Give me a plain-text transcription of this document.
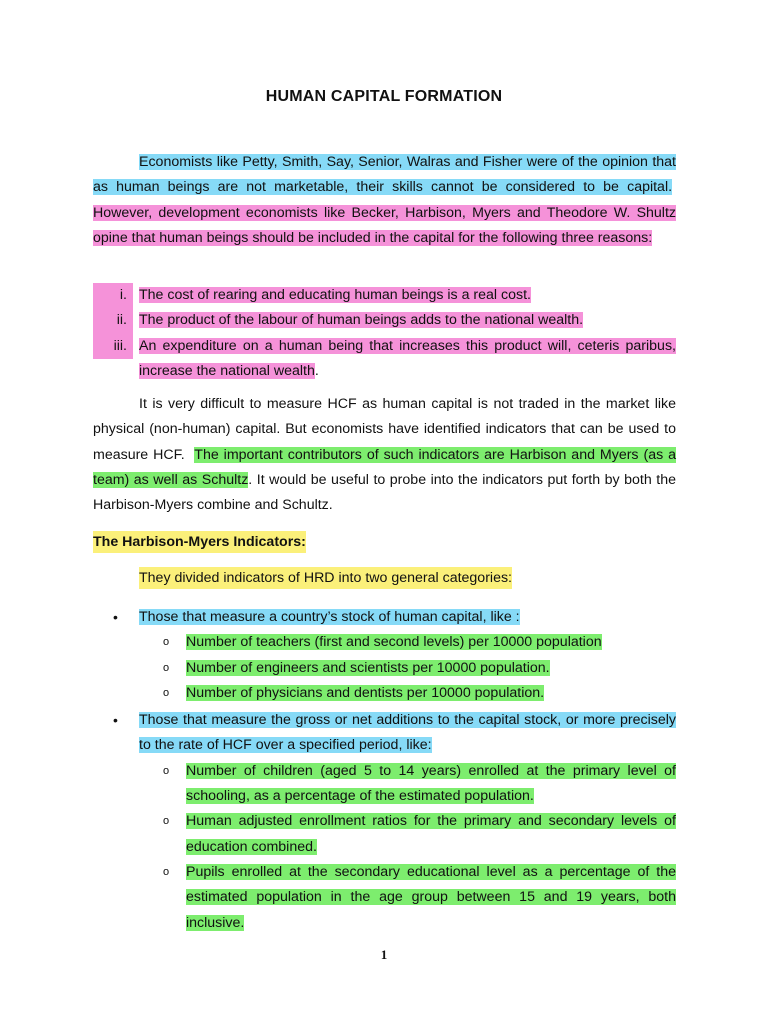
HUMAN CAPITAL FORMATION
Economists like Petty, Smith, Say, Senior, Walras and Fisher were of the opinion that as human beings are not marketable, their skills cannot be considered to be capital.  However, development economists like Becker, Harbison, Myers and Theodore W. Shultz opine that human beings should be included in the capital for the following three reasons:
i. The cost of rearing and educating human beings is a real cost.
ii. The product of the labour of human beings adds to the national wealth.
iii. An expenditure on a human being that increases this product will, ceteris paribus, increase the national wealth.
It is very difficult to measure HCF as human capital is not traded in the market like physical (non-human) capital. But economists have identified indicators that can be used to measure HCF. The important contributors of such indicators are Harbison and Myers (as a team) as well as Schultz. It would be useful to probe into the indicators put forth by both the Harbison-Myers combine and Schultz.
The Harbison-Myers Indicators:
They divided indicators of HRD into two general categories:
• Those that measure a country’s stock of human capital, like :
o Number of teachers (first and second levels) per 10000 population
o Number of engineers and scientists per 10000 population.
o Number of physicians and dentists per 10000 population.
• Those that measure the gross or net additions to the capital stock, or more precisely to the rate of HCF over a specified period, like:
o Number of children (aged 5 to 14 years) enrolled at the primary level of schooling, as a percentage of the estimated population.
o Human adjusted enrollment ratios for the primary and secondary levels of education combined.
o Pupils enrolled at the secondary educational level as a percentage of the estimated population in the age group between 15 and 19 years, both inclusive.
1
